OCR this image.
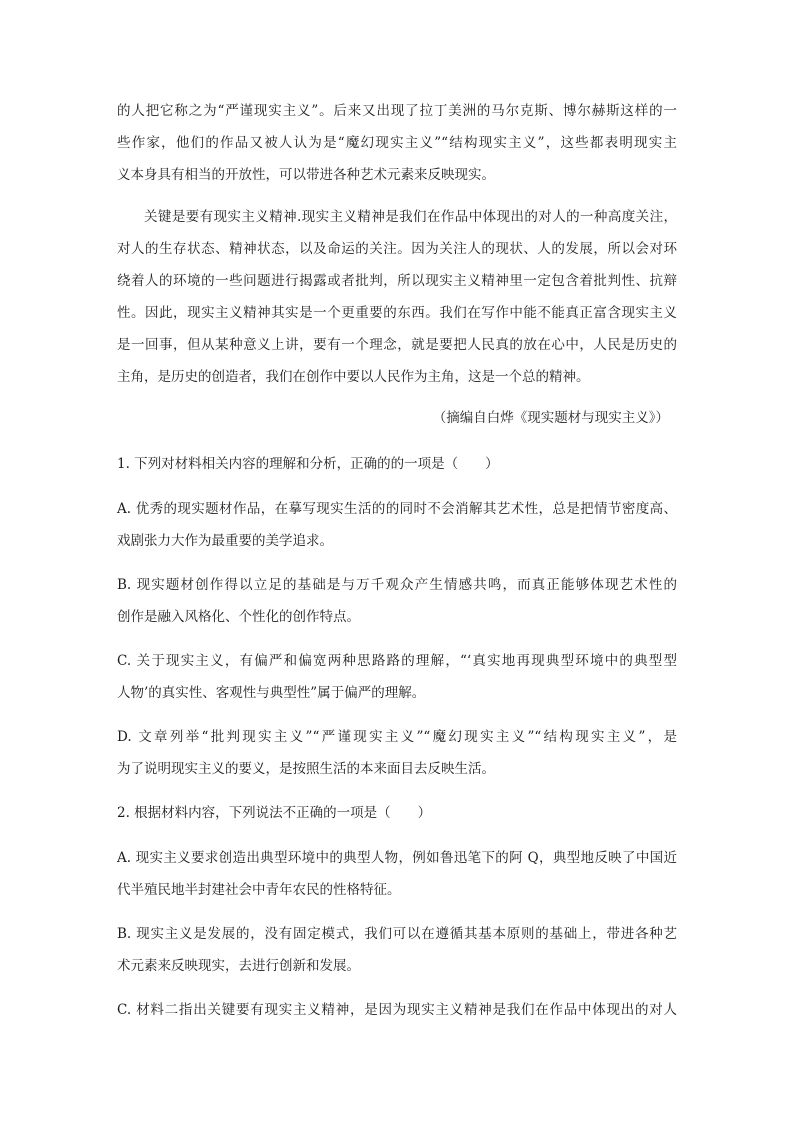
的人把它称之为“严谨现实主义”。后来又出现了拉丁美洲的马尔克斯、博尔赫斯这样的一
些作家，他们的作品又被人认为是“魔幻现实主义”“结构现实主义”，这些都表明现实主
义本身具有相当的开放性，可以带进各种艺术元素来反映现实。
关键是要有现实主义精神.现实主义精神是我们在作品中体现出的对人的一种高度关注，
对人的生存状态、精神状态，以及命运的关注。因为关注人的现状、人的发展，所以会对环
绕着人的环境的一些问题进行揭露或者批判，所以现实主义精神里一定包含着批判性、抗辩
性。因此，现实主义精神其实是一个更重要的东西。我们在写作中能不能真正富含现实主义
是一回事，但从某种意义上讲，要有一个理念，就是要把人民真的放在心中，人民是历史的
主角，是历史的创造者，我们在创作中要以人民作为主角，这是一个总的精神。
（摘编自白烨《现实题材与现实主义》）
1. 下列对材料相关内容的理解和分析，正确的的一项是（　　）
A. 优秀的现实题材作品，在摹写现实生活的的同时不会消解其艺术性，总是把情节密度高、
戏剧张力大作为最重要的美学追求。
B. 现实题材创作得以立足的基础是与万千观众产生情感共鸣，而真正能够体现艺术性的
创作是融入风格化、个性化的创作特点。
C. 关于现实主义，有偏严和偏宽两种思路路的理解，“‘真实地再现典型环境中的典型型
人物’的真实性、客观性与典型性”属于偏严的理解。
D. 文章列举“批判现实主义”“严谨现实主义”“魔幻现实主义”“结构现实主义”，是
为了说明现实主义的要义，是按照生活的本来面目去反映生活。
2. 根据材料内容，下列说法不正确的一项是（　　）
A. 现实主义要求创造出典型环境中的典型人物，例如鲁迅笔下的阿 Q，典型地反映了中国近
代半殖民地半封建社会中青年农民的性格特征。
B. 现实主义是发展的，没有固定模式，我们可以在遵循其基本原则的基础上，带进各种艺
术元素来反映现实，去进行创新和发展。
C. 材料二指出关键要有现实主义精神，是因为现实主义精神是我们在作品中体现出的对人
